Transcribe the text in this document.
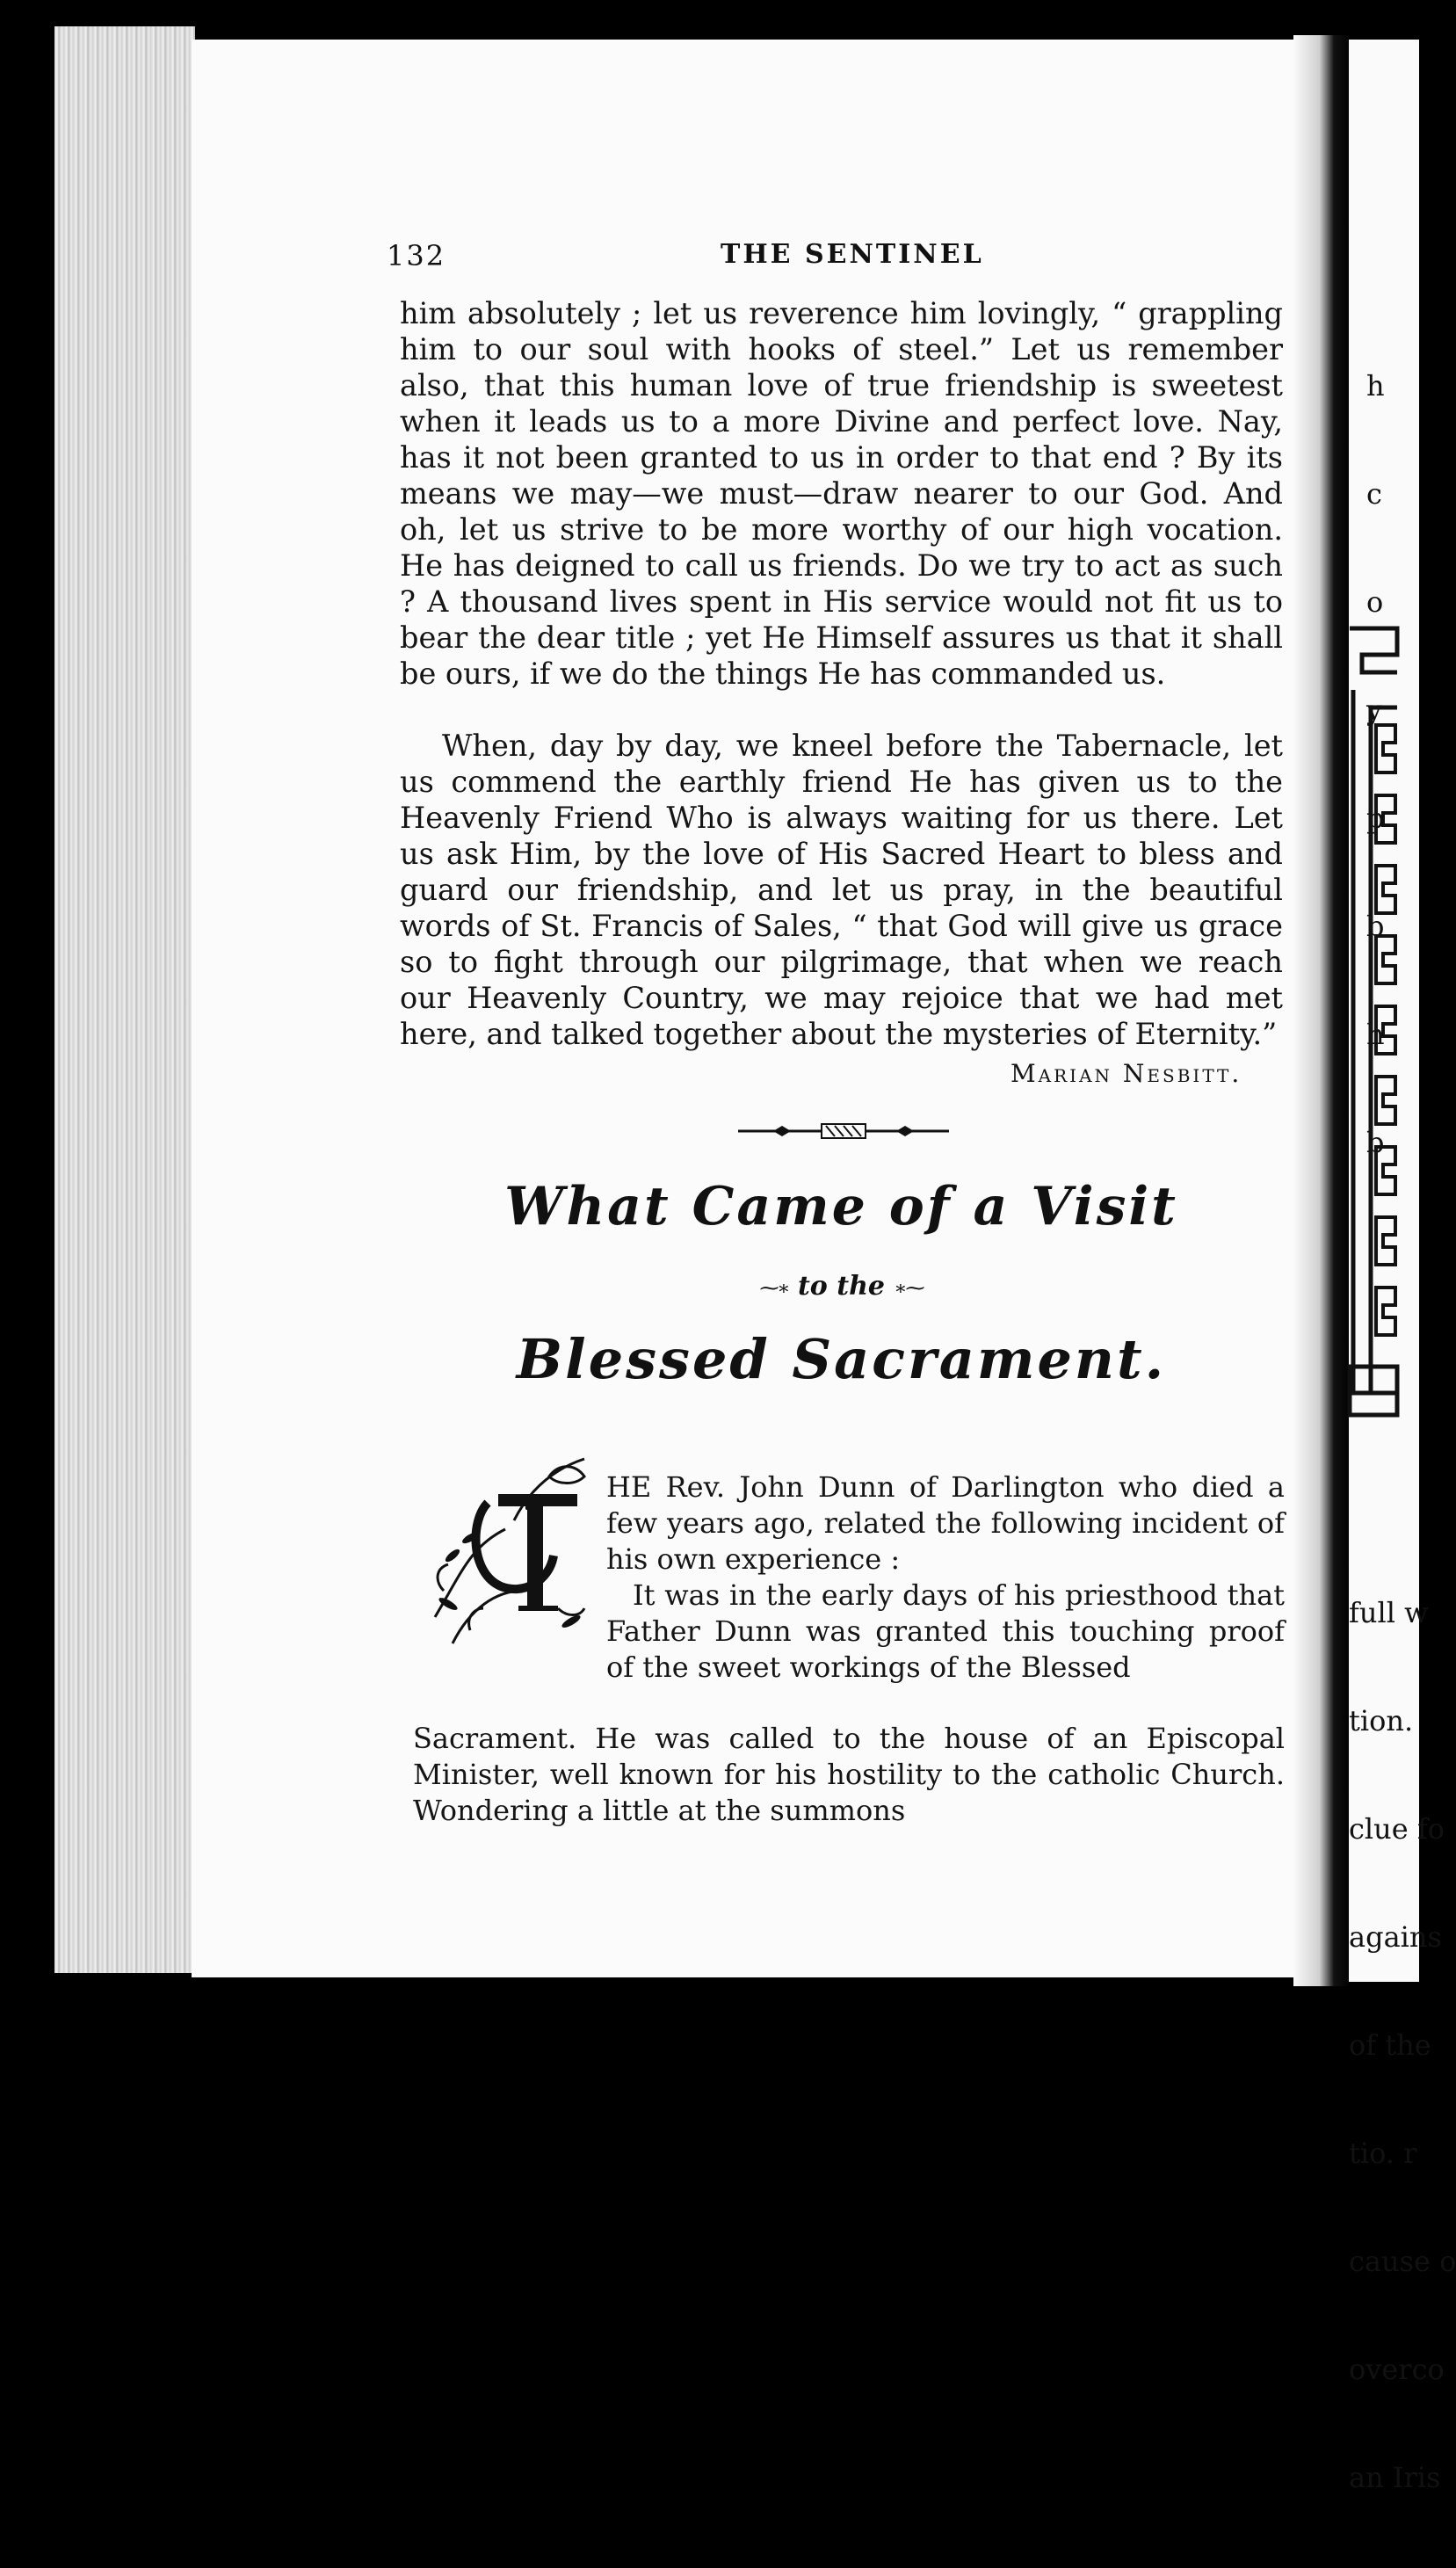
h

c

o

y

p

b

h

b

full w

tion.

clue fo

agains

of the

tio. r

cause o

overco

an Iris

132	THE SENTINEL

him absolutely ; let us reverence him lovingly, “ grappling him to our soul with hooks of steel.” Let us remember also, that this human love of true friendship is sweetest when it leads us to a more Divine and perfect love. Nay, has it not been granted to us in order to that end ? By its means we may—we must—draw nearer to our God. And oh, let us strive to be more worthy of our high vocation. He has deigned to call us friends. Do we try to act as such ? A thousand lives spent in His service would not fit us to bear the dear title ; yet He Himself assures us that it shall be ours, if we do the things He has commanded us.

When, day by day, we kneel before the Tabernacle, let us commend the earthly friend He has given us to the Heavenly Friend Who is always waiting for us there. Let us ask Him, by the love of His Sacred Heart to bless and guard our friendship, and let us pray, in the beautiful words of St. Francis of Sales, “ that God will give us grace so to fight through our pilgrimage, that when we reach our Heavenly Country, we may rejoice that we had met here, and talked together about the mysteries of Eternity.”

Marian Nesbitt.
What Came of a Visit
⁓∗ to the ∗⁓
Blessed Sacrament.

HE Rev. John Dunn of Darlington who died a few years ago, related the following incident of his own experience :

It was in the early days of his priesthood that Father Dunn was granted this touching proof of the sweet workings of the Blessed

Sacrament. He was called to the house of an Episcopal Minister, well known for his hostility to the catholic Church. Wondering a little at the summons
